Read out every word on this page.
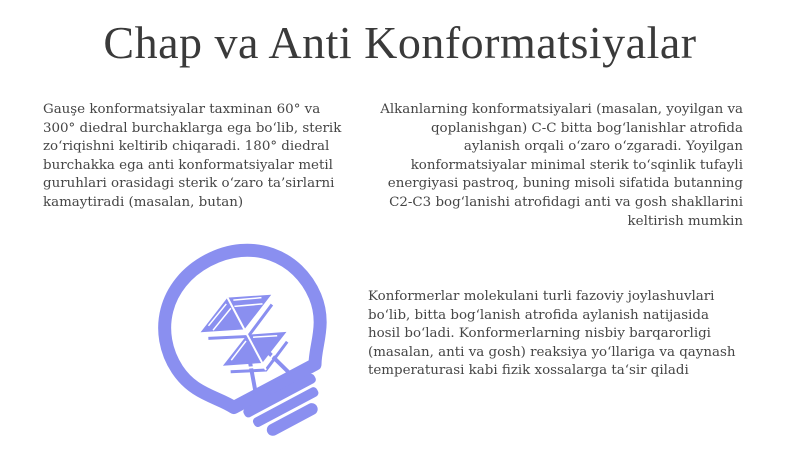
Chap va Anti Konformatsiyalar

Gauşe konformatsiyalar taxminan 60° va 300° diedral burchaklarga ega bo‘lib, sterik zo‘riqishni keltirib chiqaradi. 180° diedral burchakka ega anti konformatsiyalar metil guruhlari orasidagi sterik o‘zaro ta’sirlarni kamaytiradi (masalan, butan)

Alkanlarning konformatsiyalari (masalan, yoyilgan va qoplanishgan) C-C bitta bog‘lanishlar atrofida aylanish orqali o‘zaro o‘zgaradi. Yoyilgan konformatsiyalar minimal sterik to‘sqinlik tufayli energiyasi pastroq, buning misoli sifatida butanning C2-C3 bog‘lanishi atrofidagi anti va gosh shakllarini keltirish mumkin

Konformerlar molekulani turli fazoviy joylashuvlari bo‘lib, bitta bog‘lanish atrofida aylanish natijasida hosil bo‘ladi. Konformerlarning nisbiy barqarorligi (masalan, anti va gosh) reaksiya yo‘llariga va qaynash temperaturasi kabi fizik xossalarga ta‘sir qiladi
